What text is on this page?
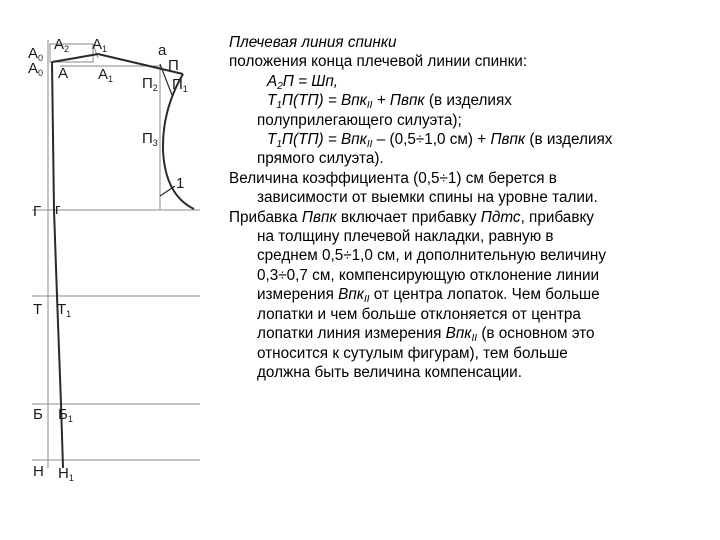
$А_0$
$А_2$
$А_0$ А
$А_1$
$А_1$
а
$П_2$
П
$П_1$
$П_3$
1
Г г
Т $Т_1$
Б $Б_1$
Н $Н_1$

Плечевая линия спинки

положения конца плечевой линии спинки:

$А_2П$ = Шп,

$Т_1П(ТП) = Впк_{II}$ + Пвпк (в изделиях

полуприлегающего силуэта);

$Т_1П(ТП) = Впк_{II} - (0,5\div 1,0$ см) + Пвпк (в изделиях

прямого силуэта).

Величина коэффициента (0,5÷1) см берется в

зависимости от выемки спины на уровне талии.

Прибавка Пвпк включает прибавку Пдтс, прибавку

на толщину плечевой накладки, равную в

среднем 0,5÷1,0 см, и дополнительную величину

0,3÷0,7 см, компенсирующую отклонение линии

измерения Впк$_{II}$ от центра лопаток. Чем больше

лопатки и чем больше отклоняется от центра

лопатки линия измерения Впк$_{II}$ (в основном это

относится к сутулым фигурам), тем больше

должна быть величина компенсации.
